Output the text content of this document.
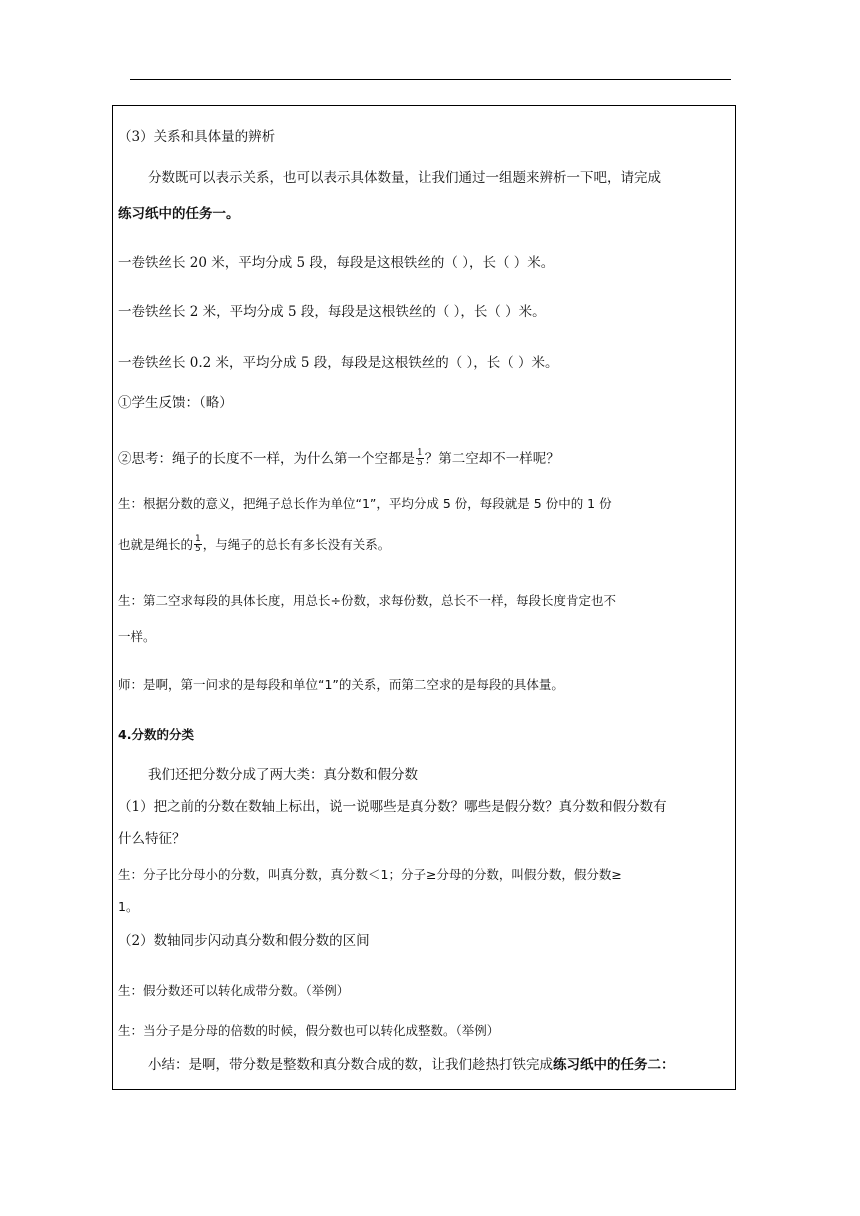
（3）关系和具体量的辨析
分数既可以表示关系，也可以表示具体数量，让我们通过一组题来辨析一下吧，请完成
练习纸中的任务一。
一卷铁丝长 20 米，平均分成 5 段，每段是这根铁丝的（ ），长（ ）米。
一卷铁丝长 2 米，平均分成 5 段，每段是这根铁丝的（ ），长（ ）米。
一卷铁丝长 0.2 米，平均分成 5 段，每段是这根铁丝的（ ），长（ ）米。
①学生反馈：（略）
②思考：绳子的长度不一样，为什么第一个空都是 $\frac{1}{5}$ ？第二空却不一样呢？
生：根据分数的意义，把绳子总长作为单位“1”，平均分成 5 份，每段就是 5 份中的 1 份
也就是绳长的 $\frac{1}{5}$ ，与绳子的总长有多长没有关系。
生：第二空求每段的具体长度，用总长÷份数，求每份数，总长不一样，每段长度肯定也不
一样。
师：是啊，第一问求的是每段和单位“1”的关系，而第二空求的是每段的具体量。
4.分数的分类
我们还把分数分成了两大类：真分数和假分数
（1）把之前的分数在数轴上标出，说一说哪些是真分数？哪些是假分数？真分数和假分数有
什么特征？
生：分子比分母小的分数，叫真分数，真分数＜1；分子≥分母的分数，叫假分数，假分数≥
1。
（2）数轴同步闪动真分数和假分数的区间
生：假分数还可以转化成带分数。（举例）
生：当分子是分母的倍数的时候，假分数也可以转化成整数。（举例）
小结：是啊，带分数是整数和真分数合成的数，让我们趁热打铁完成练习纸中的任务二：
